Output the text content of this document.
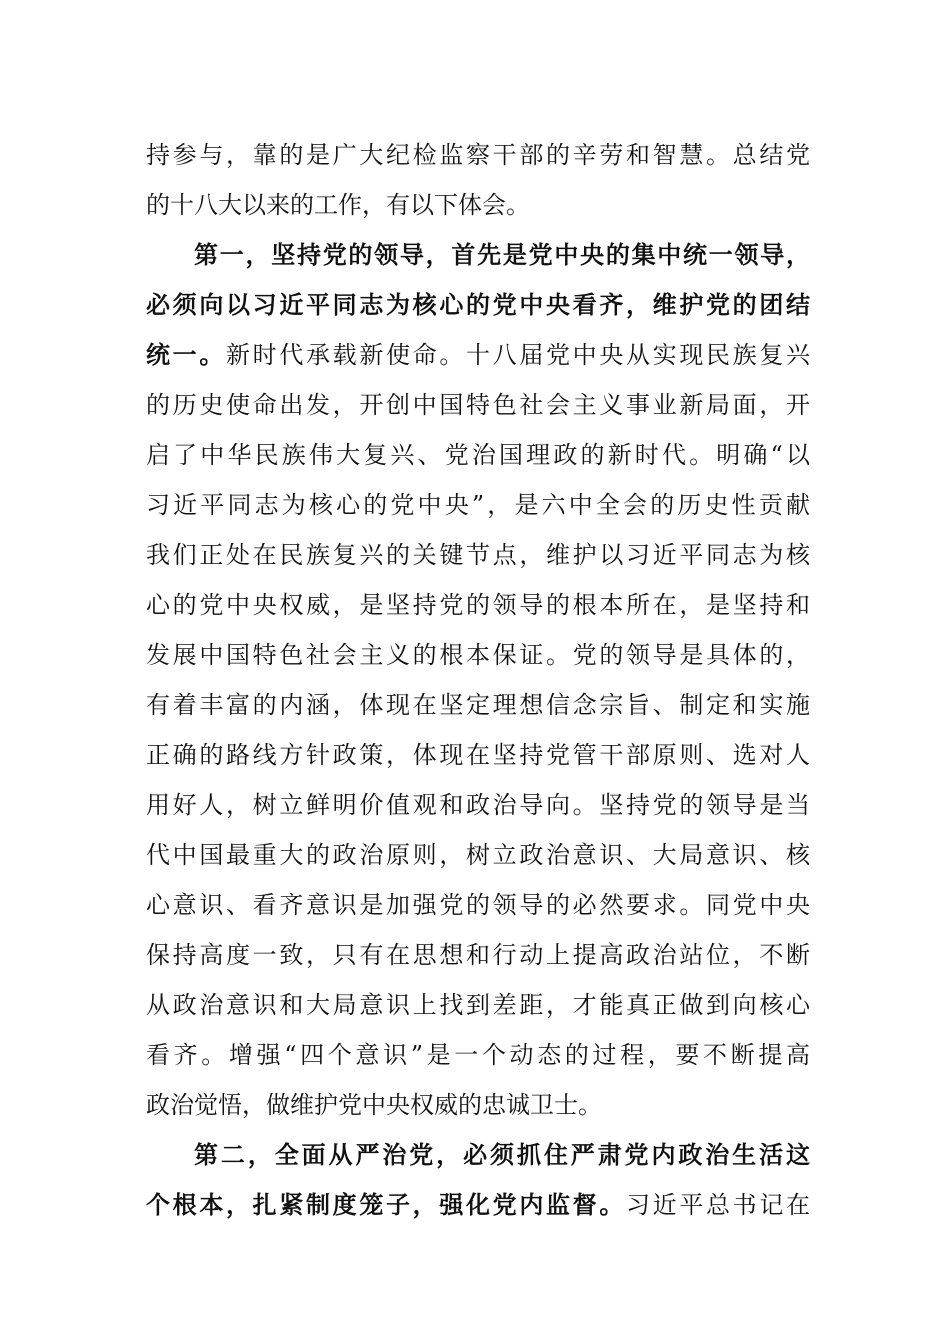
持参与，靠的是广大纪检监察干部的辛劳和智慧。总结党
的十八大以来的工作，有以下体会。
第一，坚持党的领导，首先是党中央的集中统一领导，
必须向以习近平同志为核心的党中央看齐，维护党的团结
统一。新时代承载新使命。十八届党中央从实现民族复兴
的历史使命出发，开创中国特色社会主义事业新局面，开
启了中华民族伟大复兴、党治国理政的新时代。明确“以
习近平同志为核心的党中央”，是六中全会的历史性贡献
我们正处在民族复兴的关键节点，维护以习近平同志为核
心的党中央权威，是坚持党的领导的根本所在，是坚持和
发展中国特色社会主义的根本保证。党的领导是具体的，
有着丰富的内涵，体现在坚定理想信念宗旨、制定和实施
正确的路线方针政策，体现在坚持党管干部原则、选对人
用好人，树立鲜明价值观和政治导向。坚持党的领导是当
代中国最重大的政治原则，树立政治意识、大局意识、核
心意识、看齐意识是加强党的领导的必然要求。同党中央
保持高度一致，只有在思想和行动上提高政治站位，不断
从政治意识和大局意识上找到差距，才能真正做到向核心
看齐。增强“四个意识”是一个动态的过程，要不断提高
政治觉悟，做维护党中央权威的忠诚卫士。
第二，全面从严治党，必须抓住严肃党内政治生活这
个根本，扎紧制度笼子，强化党内监督。习近平总书记在
